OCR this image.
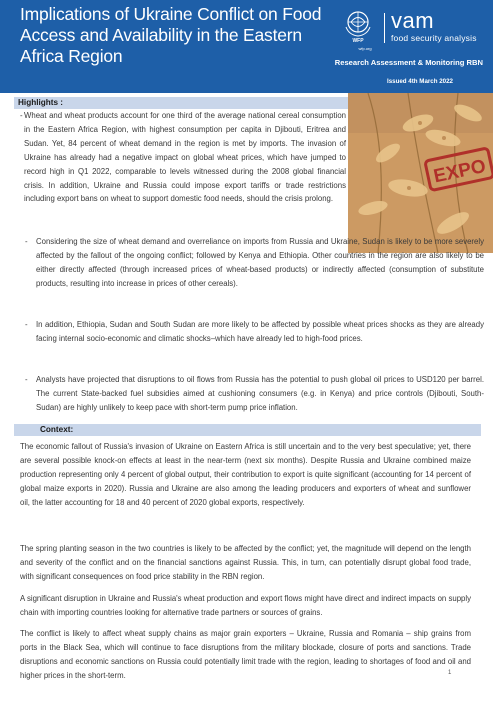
Implications of Ukraine Conflict on Food Access and Availability in the Eastern Africa Region
WFP
vam
food security analysis
Research Assessment & Monitoring RBN
Issued 4th March 2022
wfp.org
EXPO
Highlights :
- Wheat and wheat products account for one third of the average national cereal consumption in the Eastern Africa Region, with highest consumption per capita in Djibouti, Eritrea and Sudan. Yet, 84 percent of wheat demand in the region is met by imports. The invasion of Ukraine has already had a negative impact on global wheat prices, which have jumped to record high in Q1 2022, comparable to levels witnessed during the 2008 global financial crisis. In addition, Ukraine and Russia could impose export tariffs or trade restrictions including export bans on wheat to support domestic food needs, should the crisis prolong.
- Considering the size of wheat demand and overreliance on imports from Russia and Ukraine, Sudan is likely to be more severely affected by the fallout of the ongoing conflict; followed by Kenya and Ethiopia. Other countries in the region are also likely to be either directly affected (through increased prices of wheat-based products) or indirectly affected (consumption of substitute products, resulting into increase in prices of other cereals).
- In addition, Ethiopia, Sudan and South Sudan are more likely to be affected by possible wheat prices shocks as they are already facing internal socio-economic and climatic shocks–which have already led to high-food prices.
- Analysts have projected that disruptions to oil flows from Russia has the potential to push global oil prices to USD120 per barrel. The current State-backed fuel subsidies aimed at cushioning consumers (e.g. in Kenya) and price controls (Djibouti, South-Sudan) are highly unlikely to keep pace with short-term pump price inflation.
Context:
The economic fallout of Russia's invasion of Ukraine on Eastern Africa is still uncertain and to the very best speculative; yet, there are several possible knock-on effects at least in the near-term (next six months). Despite Russia and Ukraine combined maize production representing only 4 percent of global output, their contribution to export is quite significant (accounting for 14 percent of global maize exports in 2020). Russia and Ukraine are also among the leading producers and exporters of wheat and sunflower oil, the latter accounting for 18 and 40 percent of 2020 global exports, respectively.
The spring planting season in the two countries is likely to be affected by the conflict; yet, the magnitude will depend on the length and severity of the conflict and on the financial sanctions against Russia. This, in turn, can potentially disrupt global food trade, with significant consequences on food price stability in the RBN region.
A significant disruption in Ukraine and Russia's wheat production and export flows might have direct and indirect impacts on supply chain with importing countries looking for alternative trade partners or sources of grains.
The conflict is likely to affect wheat supply chains as major grain exporters – Ukraine, Russia and Romania – ship grains from ports in the Black Sea, which will continue to face disruptions from the military blockade, closure of ports and sanctions. Trade disruptions and economic sanctions on Russia could potentially limit trade with the region, leading to shortages of food and oil and higher prices in the short-term.	1
